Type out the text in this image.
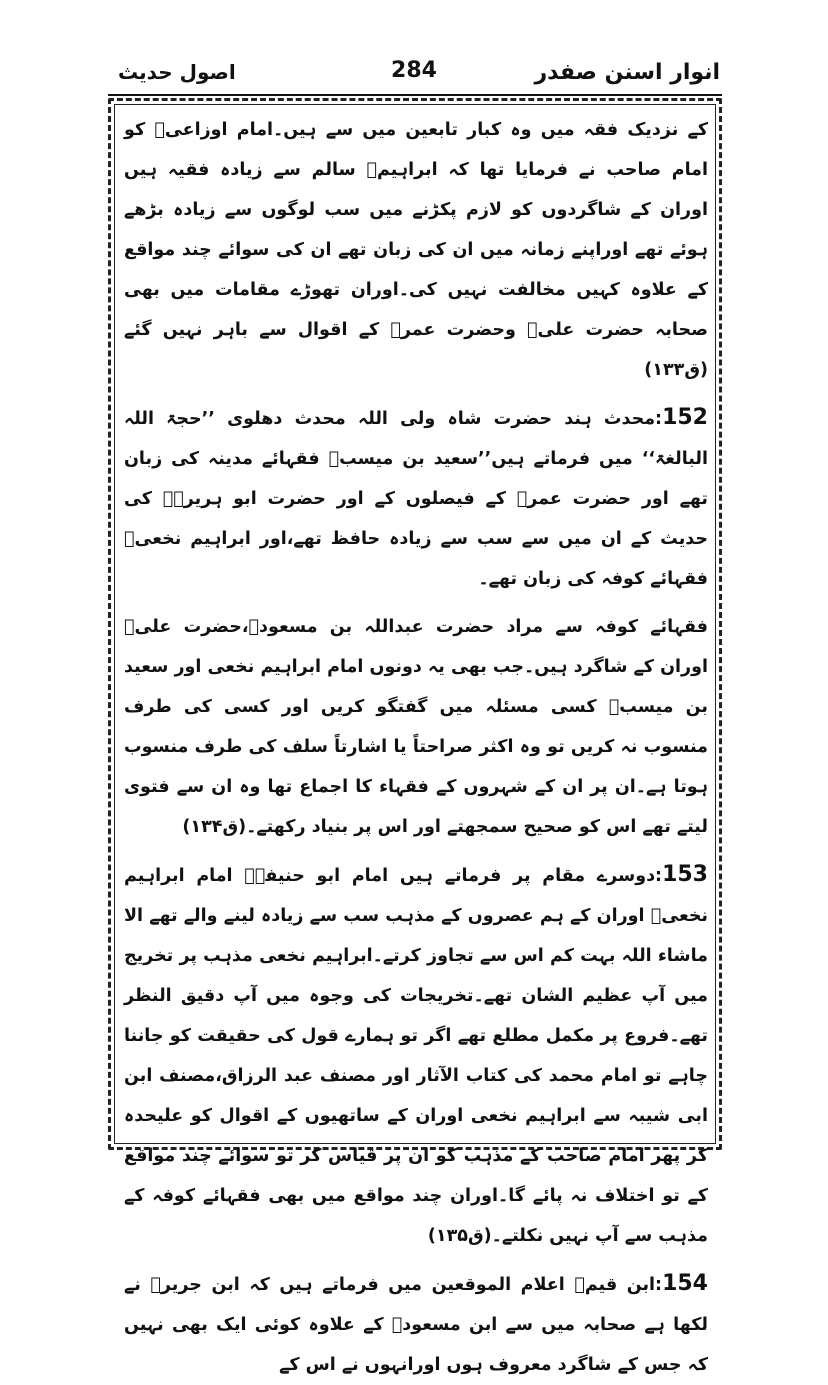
انوار اسنن صفدر
284
اصول حدیث

کے نزدیک فقہ میں وہ کبار تابعین میں سے ہیں۔امام اوزاعیؒ کو امام صاحب نے فرمایا تھا کہ ابراہیمؒ سالم سے زیادہ فقیہ ہیں اوران کے شاگردوں کو لازم پکڑنے میں سب لوگوں سے زیادہ بڑھے ہوئے تھے اوراپنے زمانہ میں ان کی زبان تھے ان کی سوائے چند مواقع کے علاوہ کہیں مخالفت نہیں کی۔اوران تھوڑے مقامات میں بھی صحابہ حضرت علیؓ وحضرت عمرؓ کے اقوال سے باہر نہیں گئے (ق۱۳۳)

152:محدث ہند حضرت شاہ ولی اللہ محدث دھلوی ’’حجۃ اللہ البالغۃ‘‘ میں فرماتے ہیں’’سعید بن میسبؒ فقہائے مدینہ کی زبان تھے اور حضرت عمرؓ کے فیصلوں کے اور حضرت ابو ہریرۃؓ کی حدیث کے ان میں سے سب سے زیادہ حافظ تھے،اور ابراہیم نخعیؒ فقہائے کوفہ کی زبان تھے۔

فقہائے کوفہ سے مراد حضرت عبداللہ بن مسعودؓ،حضرت علیؓ اوران کے شاگرد ہیں۔جب بھی یہ دونوں امام ابراہیم نخعی اور سعید بن میسبؒ کسی مسئلہ میں گفتگو کریں اور کسی کی طرف منسوب نہ کریں تو وہ اکثر صراحتاً یا اشارتاً سلف کی طرف منسوب ہوتا ہے۔ان پر ان کے شہروں کے فقہاء کا اجماع تھا وہ ان سے فتوی لیتے تھے اس کو صحیح سمجھتے اور اس پر بنیاد رکھتے۔(ق۱۳۴)

153:دوسرے مقام پر فرماتے ہیں امام ابو حنیفہؒ امام ابراہیم نخعیؒ اوران کے ہم عصروں کے مذہب سب سے زیادہ لینے والے تھے الا ماشاء اللہ بہت کم اس سے تجاوز کرتے۔ابراہیم نخعی مذہب پر تخریج میں آپ عظیم الشان تھے۔تخریجات کی وجوہ میں آپ دقیق النظر تھے۔فروع پر مکمل مطلع تھے اگر تو ہمارے قول کی حقیقت کو جاننا چاہے تو امام محمد کی کتاب الآثار اور مصنف عبد الرزاق،مصنف ابن ابی شیبہ سے ابراہیم نخعی اوران کے ساتھیوں کے اقوال کو علیحدہ کر پھر امام صاحب کے مذہب کو ان پر قیاس کر تو سوائے چند مواقع کے تو اختلاف نہ پائے گا۔اوران چند مواقع میں بھی فقہائے کوفہ کے مذہب سے آپ نہیں نکلتے۔(ق۱۳۵)

154:ابن قیمؒ اعلام الموقعین میں فرماتے ہیں کہ ابن جریرؒ نے لکھا ہے صحابہ میں سے ابن مسعودؓ کے علاوہ کوئی ایک بھی نہیں کہ جس کے شاگرد معروف ہوں اورانہوں نے اس کے
